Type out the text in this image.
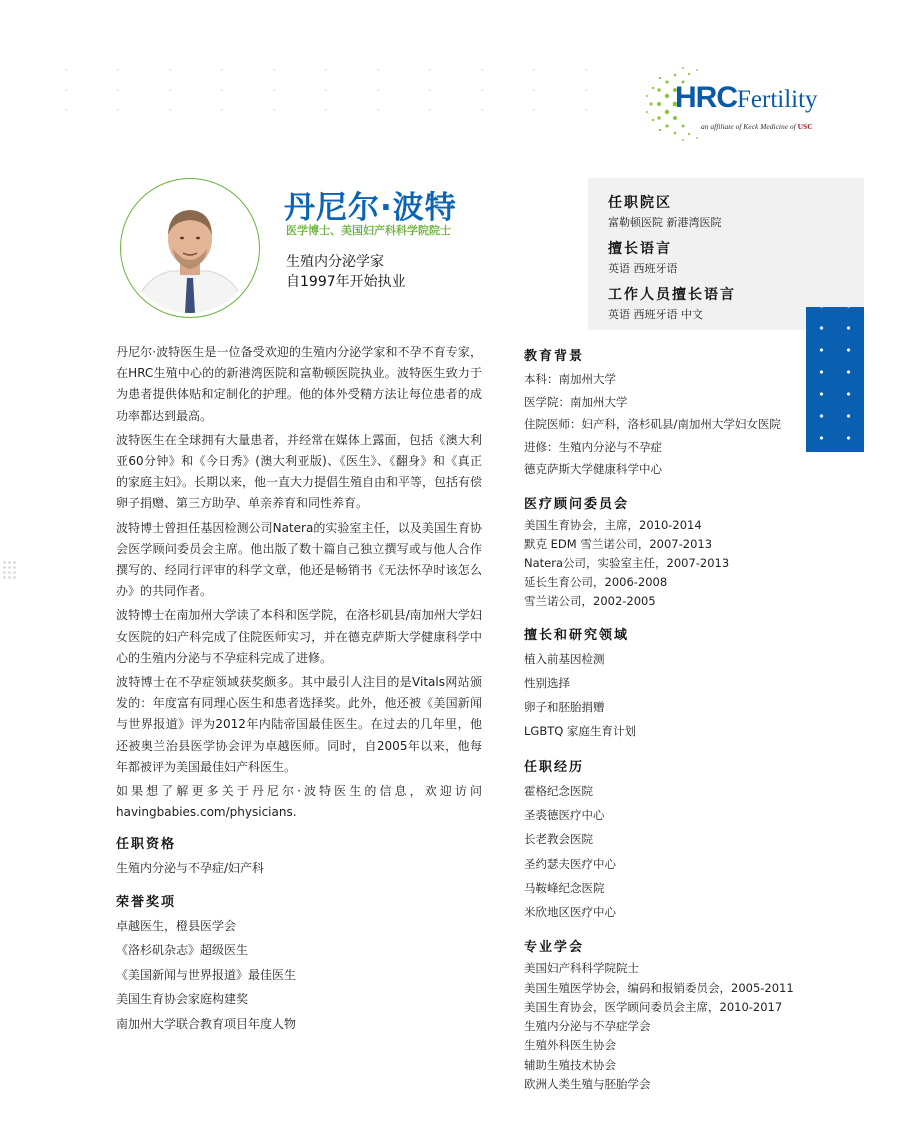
HRCFertility
an affiliate of Keck Medicine of USC
丹尼尔·波特
医学博士、美国妇产科科学院院士
生殖内分泌学家
自1997年开始执业
任职院区
富勒顿医院 新港湾医院
擅长语言
英语 西班牙语
工作人员擅长语言
英语 西班牙语 中文

丹尼尔·波特医生是一位备受欢迎的生殖内分泌学家和不孕不育专家，在HRC生殖中心的的新港湾医院和富勒顿医院执业。波特医生致力于为患者提供体贴和定制化的护理。他的体外受精方法让每位患者的成功率都达到最高。

波特医生在全球拥有大量患者，并经常在媒体上露面，包括《澳大利亚60分钟》和《今日秀》(澳大利亚版)、《医生》、《翻身》和《真正的家庭主妇》。长期以来，他一直大力提倡生殖自由和平等，包括有偿卵子捐赠、第三方助孕、单亲养育和同性养育。

波特博士曾担任基因检测公司Natera的实验室主任，以及美国生育协会医学顾问委员会主席。他出版了数十篇自己独立撰写或与他人合作撰写的、经同行评审的科学文章，他还是畅销书《无法怀孕时该怎么办》的共同作者。

波特博士在南加州大学读了本科和医学院，在洛杉矶县/南加州大学妇女医院的妇产科完成了住院医师实习，并在德克萨斯大学健康科学中心的生殖内分泌与不孕症科完成了进修。

波特博士在不孕症领域获奖颇多。其中最引人注目的是Vitals网站颁发的：年度富有同理心医生和患者选择奖。此外，他还被《美国新闻与世界报道》评为2012年内陆帝国最佳医生。在过去的几年里，他还被奥兰治县医学协会评为卓越医师。同时，自2005年以来，他每年都被评为美国最佳妇产科医生。

如果想了解更多关于丹尼尔·波特医生的信息，欢迎访问havingbabies.com/physicians.

任职资格
生殖内分泌与不孕症/妇产科
荣誉奖项
卓越医生，橙县医学会
《洛杉矶杂志》超级医生
《美国新闻与世界报道》最佳医生
美国生育协会家庭构建奖
南加州大学联合教育项目年度人物
教育背景
本科：南加州大学
医学院：南加州大学
住院医师：妇产科，洛杉矶县/南加州大学妇女医院
进修：生殖内分泌与不孕症
德克萨斯大学健康科学中心
医疗顾问委员会
美国生育协会，主席，2010-2014
默克 EDM 雪兰诺公司，2007-2013
Natera公司，实验室主任，2007-2013
延长生育公司，2006-2008
雪兰诺公司，2002-2005
擅长和研究领域
植入前基因检测
性别选择
卵子和胚胎捐赠
LGBTQ 家庭生育计划
任职经历
霍格纪念医院
圣裘德医疗中心
长老教会医院
圣约瑟夫医疗中心
马鞍峰纪念医院
米欣地区医疗中心
专业学会
美国妇产科科学院院士
美国生殖医学协会，编码和报销委员会，2005-2011
美国生育协会，医学顾问委员会主席，2010-2017
生殖内分泌与不孕症学会
生殖外科医生协会
辅助生殖技术协会
欧洲人类生殖与胚胎学会
